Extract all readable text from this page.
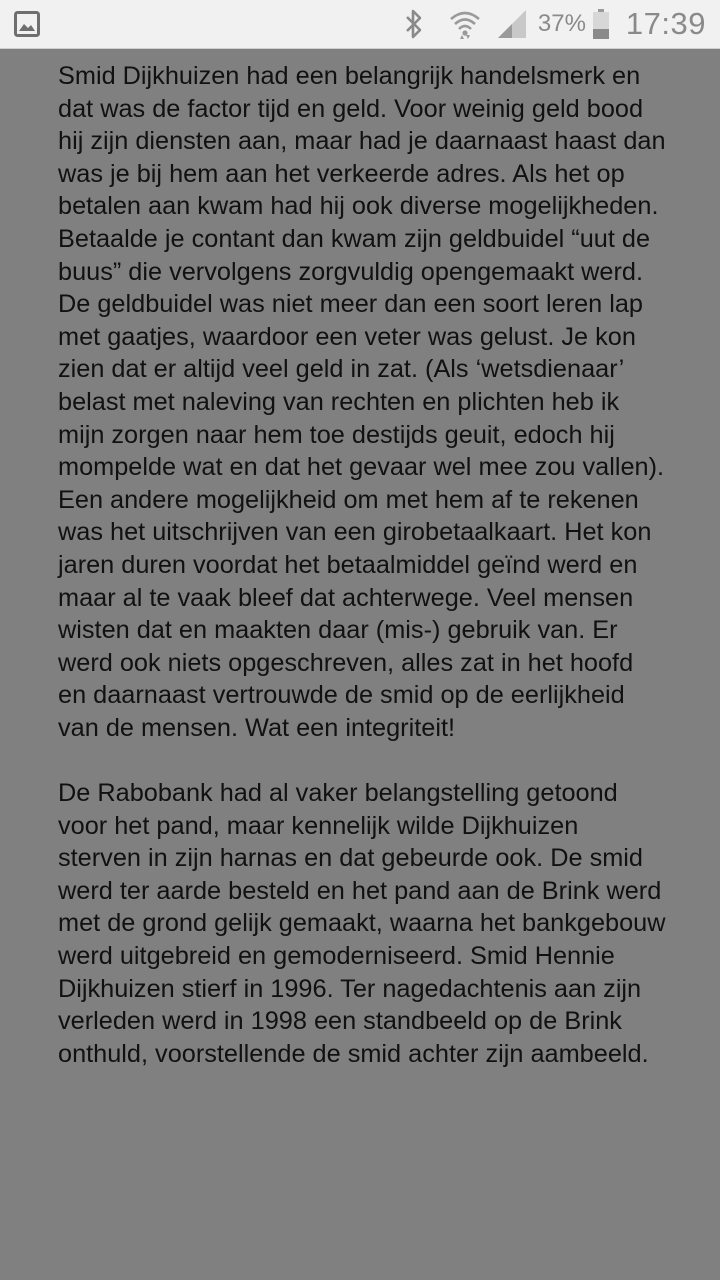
37% 17:39

Smid Dijkhuizen had een belangrijk handelsmerk en dat was de factor tijd en geld. Voor weinig geld bood hij zijn diensten aan, maar had je daarnaast haast dan was je bij hem aan het verkeerde adres. Als het op betalen aan kwam had hij ook diverse mogelijkheden. Betaalde je contant dan kwam zijn geldbuidel “uut de buus” die vervolgens zorgvuldig opengemaakt werd. De geldbuidel was niet meer dan een soort leren lap met gaatjes, waardoor een veter was gelust. Je kon zien dat er altijd veel geld in zat. (Als ‘wetsdienaar’ belast met naleving van rechten en plichten heb ik mijn zorgen naar hem toe destijds geuit, edoch hij mompelde wat en dat het gevaar wel mee zou vallen). Een andere mogelijkheid om met hem af te rekenen was het uitschrijven van een girobetaalkaart. Het kon jaren duren voordat het betaalmiddel geïnd werd en maar al te vaak bleef dat achterwege. Veel mensen wisten dat en maakten daar (mis-) gebruik van. Er werd ook niets opgeschreven, alles zat in het hoofd en daarnaast vertrouwde de smid op de eerlijkheid van de mensen. Wat een integriteit!

De Rabobank had al vaker belangstelling getoond voor het pand, maar kennelijk wilde Dijkhuizen sterven in zijn harnas en dat gebeurde ook. De smid werd ter aarde besteld en het pand aan de Brink werd met de grond gelijk gemaakt, waarna het bankgebouw werd uitgebreid en gemoderniseerd. Smid Hennie Dijkhuizen stierf in 1996. Ter nagedachtenis aan zijn verleden werd in 1998 een standbeeld op de Brink onthuld, voorstellende de smid achter zijn aambeeld.
